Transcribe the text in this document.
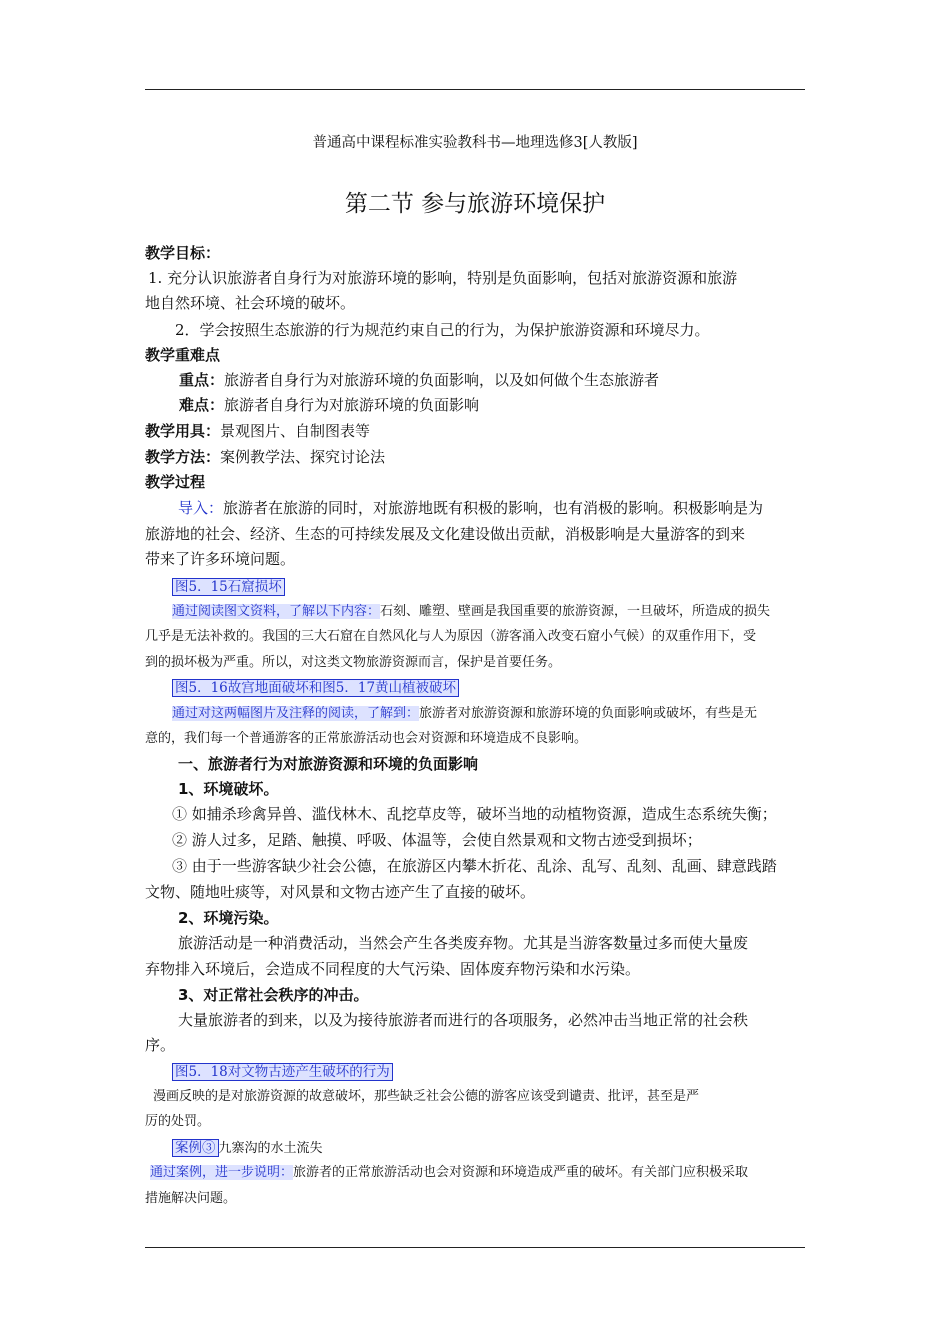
普通高中课程标准实验教科书—地理选修3[人教版]
第二节 参与旅游环境保护
教学目标：
1. 充分认识旅游者自身行为对旅游环境的影响，特别是负面影响，包括对旅游资源和旅游
地自然环境、社会环境的破坏。
2．学会按照生态旅游的行为规范约束自己的行为，为保护旅游资源和环境尽力。
教学重难点
重点：旅游者自身行为对旅游环境的负面影响，以及如何做个生态旅游者
难点：旅游者自身行为对旅游环境的负面影响
教学用具：景观图片、自制图表等
教学方法：案例教学法、探究讨论法
教学过程
导入：旅游者在旅游的同时，对旅游地既有积极的影响，也有消极的影响。积极影响是为
旅游地的社会、经济、生态的可持续发展及文化建设做出贡献，消极影响是大量游客的到来
带来了许多环境问题。
图5．15石窟损坏
通过阅读图文资料，了解以下内容：石刻、雕塑、壁画是我国重要的旅游资源，一旦破坏，所造成的损失
几乎是无法补救的。我国的三大石窟在自然风化与人为原因（游客涌入改变石窟小气候）的双重作用下，受
到的损坏极为严重。所以，对这类文物旅游资源而言，保护是首要任务。
图5．16故宫地面破坏和图5．17黄山植被破坏
通过对这两幅图片及注释的阅读，了解到：旅游者对旅游资源和旅游环境的负面影响或破坏，有些是无
意的，我们每一个普通游客的正常旅游活动也会对资源和环境造成不良影响。
一、旅游者行为对旅游资源和环境的负面影响
1、环境破坏。
① 如捕杀珍禽异兽、滥伐林木、乱挖草皮等，破坏当地的动植物资源，造成生态系统失衡；
② 游人过多，足踏、触摸、呼吸、体温等，会使自然景观和文物古迹受到损坏；
③ 由于一些游客缺少社会公德，在旅游区内攀木折花、乱涂、乱写、乱刻、乱画、肆意践踏
文物、随地吐痰等，对风景和文物古迹产生了直接的破坏。
2、环境污染。
旅游活动是一种消费活动，当然会产生各类废弃物。尤其是当游客数量过多而使大量废
弃物排入环境后，会造成不同程度的大气污染、固体废弃物污染和水污染。
3、对正常社会秩序的冲击。
大量旅游者的到来，以及为接待旅游者而进行的各项服务，必然冲击当地正常的社会秩
序。
图5．18对文物古迹产生破坏的行为
漫画反映的是对旅游资源的故意破坏，那些缺乏社会公德的游客应该受到谴责、批评，甚至是严
厉的处罚。
案例③ 九寨沟的水土流失
通过案例，进一步说明：旅游者的正常旅游活动也会对资源和环境造成严重的破坏。有关部门应积极采取
措施解决问题。
